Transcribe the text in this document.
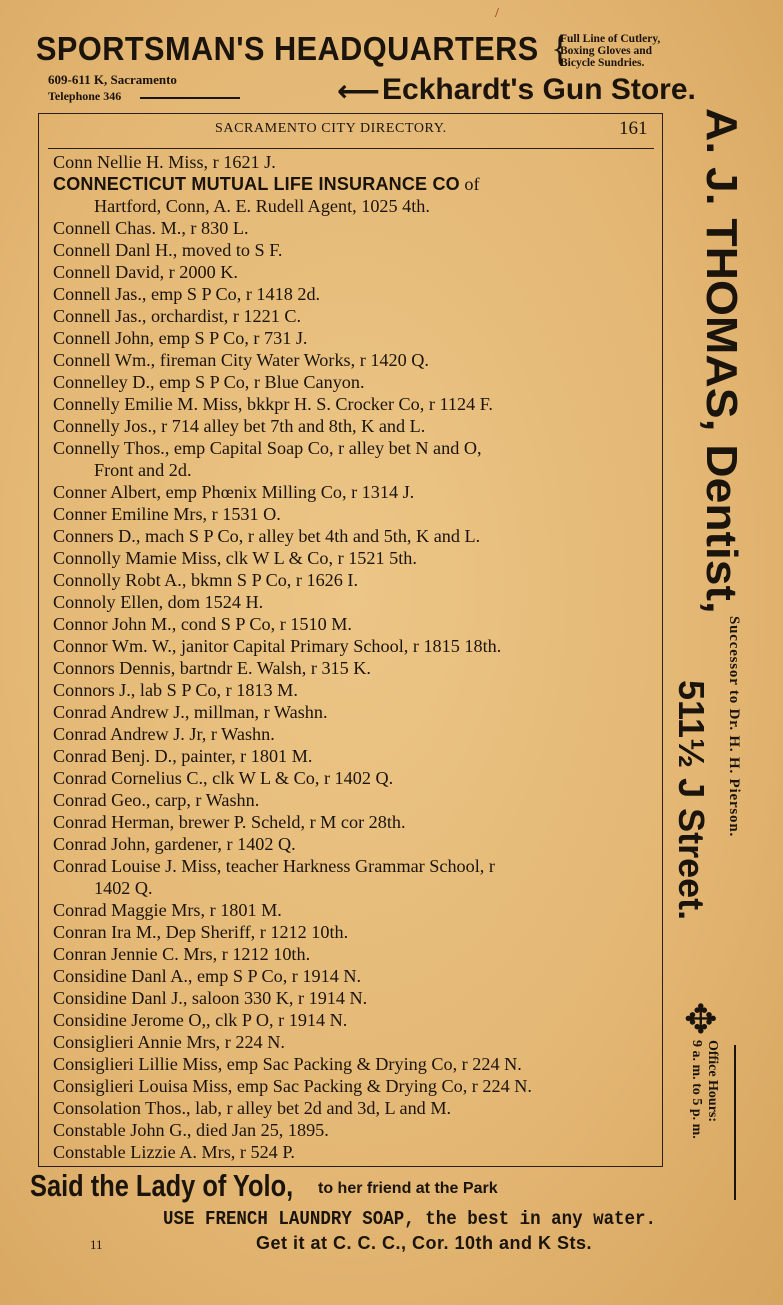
/
SPORTSMAN'S HEADQUARTERS {
Full Line of Cutlery,
Boxing Gloves and
Bicycle Sundries.
609-611 K, Sacramento
Telephone 346	⟵ Eckhardt's Gun Store.
SACRAMENTO CITY DIRECTORY.	161
Conn Nellie H. Miss, r 1621 J.
CONNECTICUT MUTUAL LIFE INSURANCE CO of
Hartford, Conn, A. E. Rudell Agent, 1025 4th.
Connell Chas. M., r 830 L.
Connell Danl H., moved to S F.
Connell David, r 2000 K.
Connell Jas., emp S P Co, r 1418 2d.
Connell Jas., orchardist, r 1221 C.
Connell John, emp S P Co, r 731 J.
Connell Wm., fireman City Water Works, r 1420 Q.
Connelley D., emp S P Co, r Blue Canyon.
Connelly Emilie M. Miss, bkkpr H. S. Crocker Co, r 1124 F.
Connelly Jos., r 714 alley bet 7th and 8th, K and L.
Connelly Thos., emp Capital Soap Co, r alley bet N and O,
Front and 2d.
Conner Albert, emp Phœnix Milling Co, r 1314 J.
Conner Emiline Mrs, r 1531 O.
Conners D., mach S P Co, r alley bet 4th and 5th, K and L.
Connolly Mamie Miss, clk W L & Co, r 1521 5th.
Connolly Robt A., bkmn S P Co, r 1626 I.
Connoly Ellen, dom 1524 H.
Connor John M., cond S P Co, r 1510 M.
Connor Wm. W., janitor Capital Primary School, r 1815 18th.
Connors Dennis, bartndr E. Walsh, r 315 K.
Connors J., lab S P Co, r 1813 M.
Conrad Andrew J., millman, r Washn.
Conrad Andrew J. Jr, r Washn.
Conrad Benj. D., painter, r 1801 M.
Conrad Cornelius C., clk W L & Co, r 1402 Q.
Conrad Geo., carp, r Washn.
Conrad Herman, brewer P. Scheld, r M cor 28th.
Conrad John, gardener, r 1402 Q.
Conrad Louise J. Miss, teacher Harkness Grammar School, r
1402 Q.
Conrad Maggie Mrs, r 1801 M.
Conran Ira M., Dep Sheriff, r 1212 10th.
Conran Jennie C. Mrs, r 1212 10th.
Considine Danl A., emp S P Co, r 1914 N.
Considine Danl J., saloon 330 K, r 1914 N.
Considine Jerome O,, clk P O, r 1914 N.
Consiglieri Annie Mrs, r 224 N.
Consiglieri Lillie Miss, emp Sac Packing & Drying Co, r 224 N.
Consiglieri Louisa Miss, emp Sac Packing & Drying Co, r 224 N.
Consolation Thos., lab, r alley bet 2d and 3d, L and M.
Constable John G., died Jan 25, 1895.
Constable Lizzie A. Mrs, r 524 P.
A. J. THOMAS, Dentist,
Successor to Dr. H. H. Pierson.
511½ J Street.
✥
Office Hours:
9 a. m. to 5 p. m.
Said the Lady of Yolo, to her friend at the Park
USE FRENCH LAUNDRY SOAP, the best in any water.
11	Get it at C. C. C., Cor. 10th and K Sts.
